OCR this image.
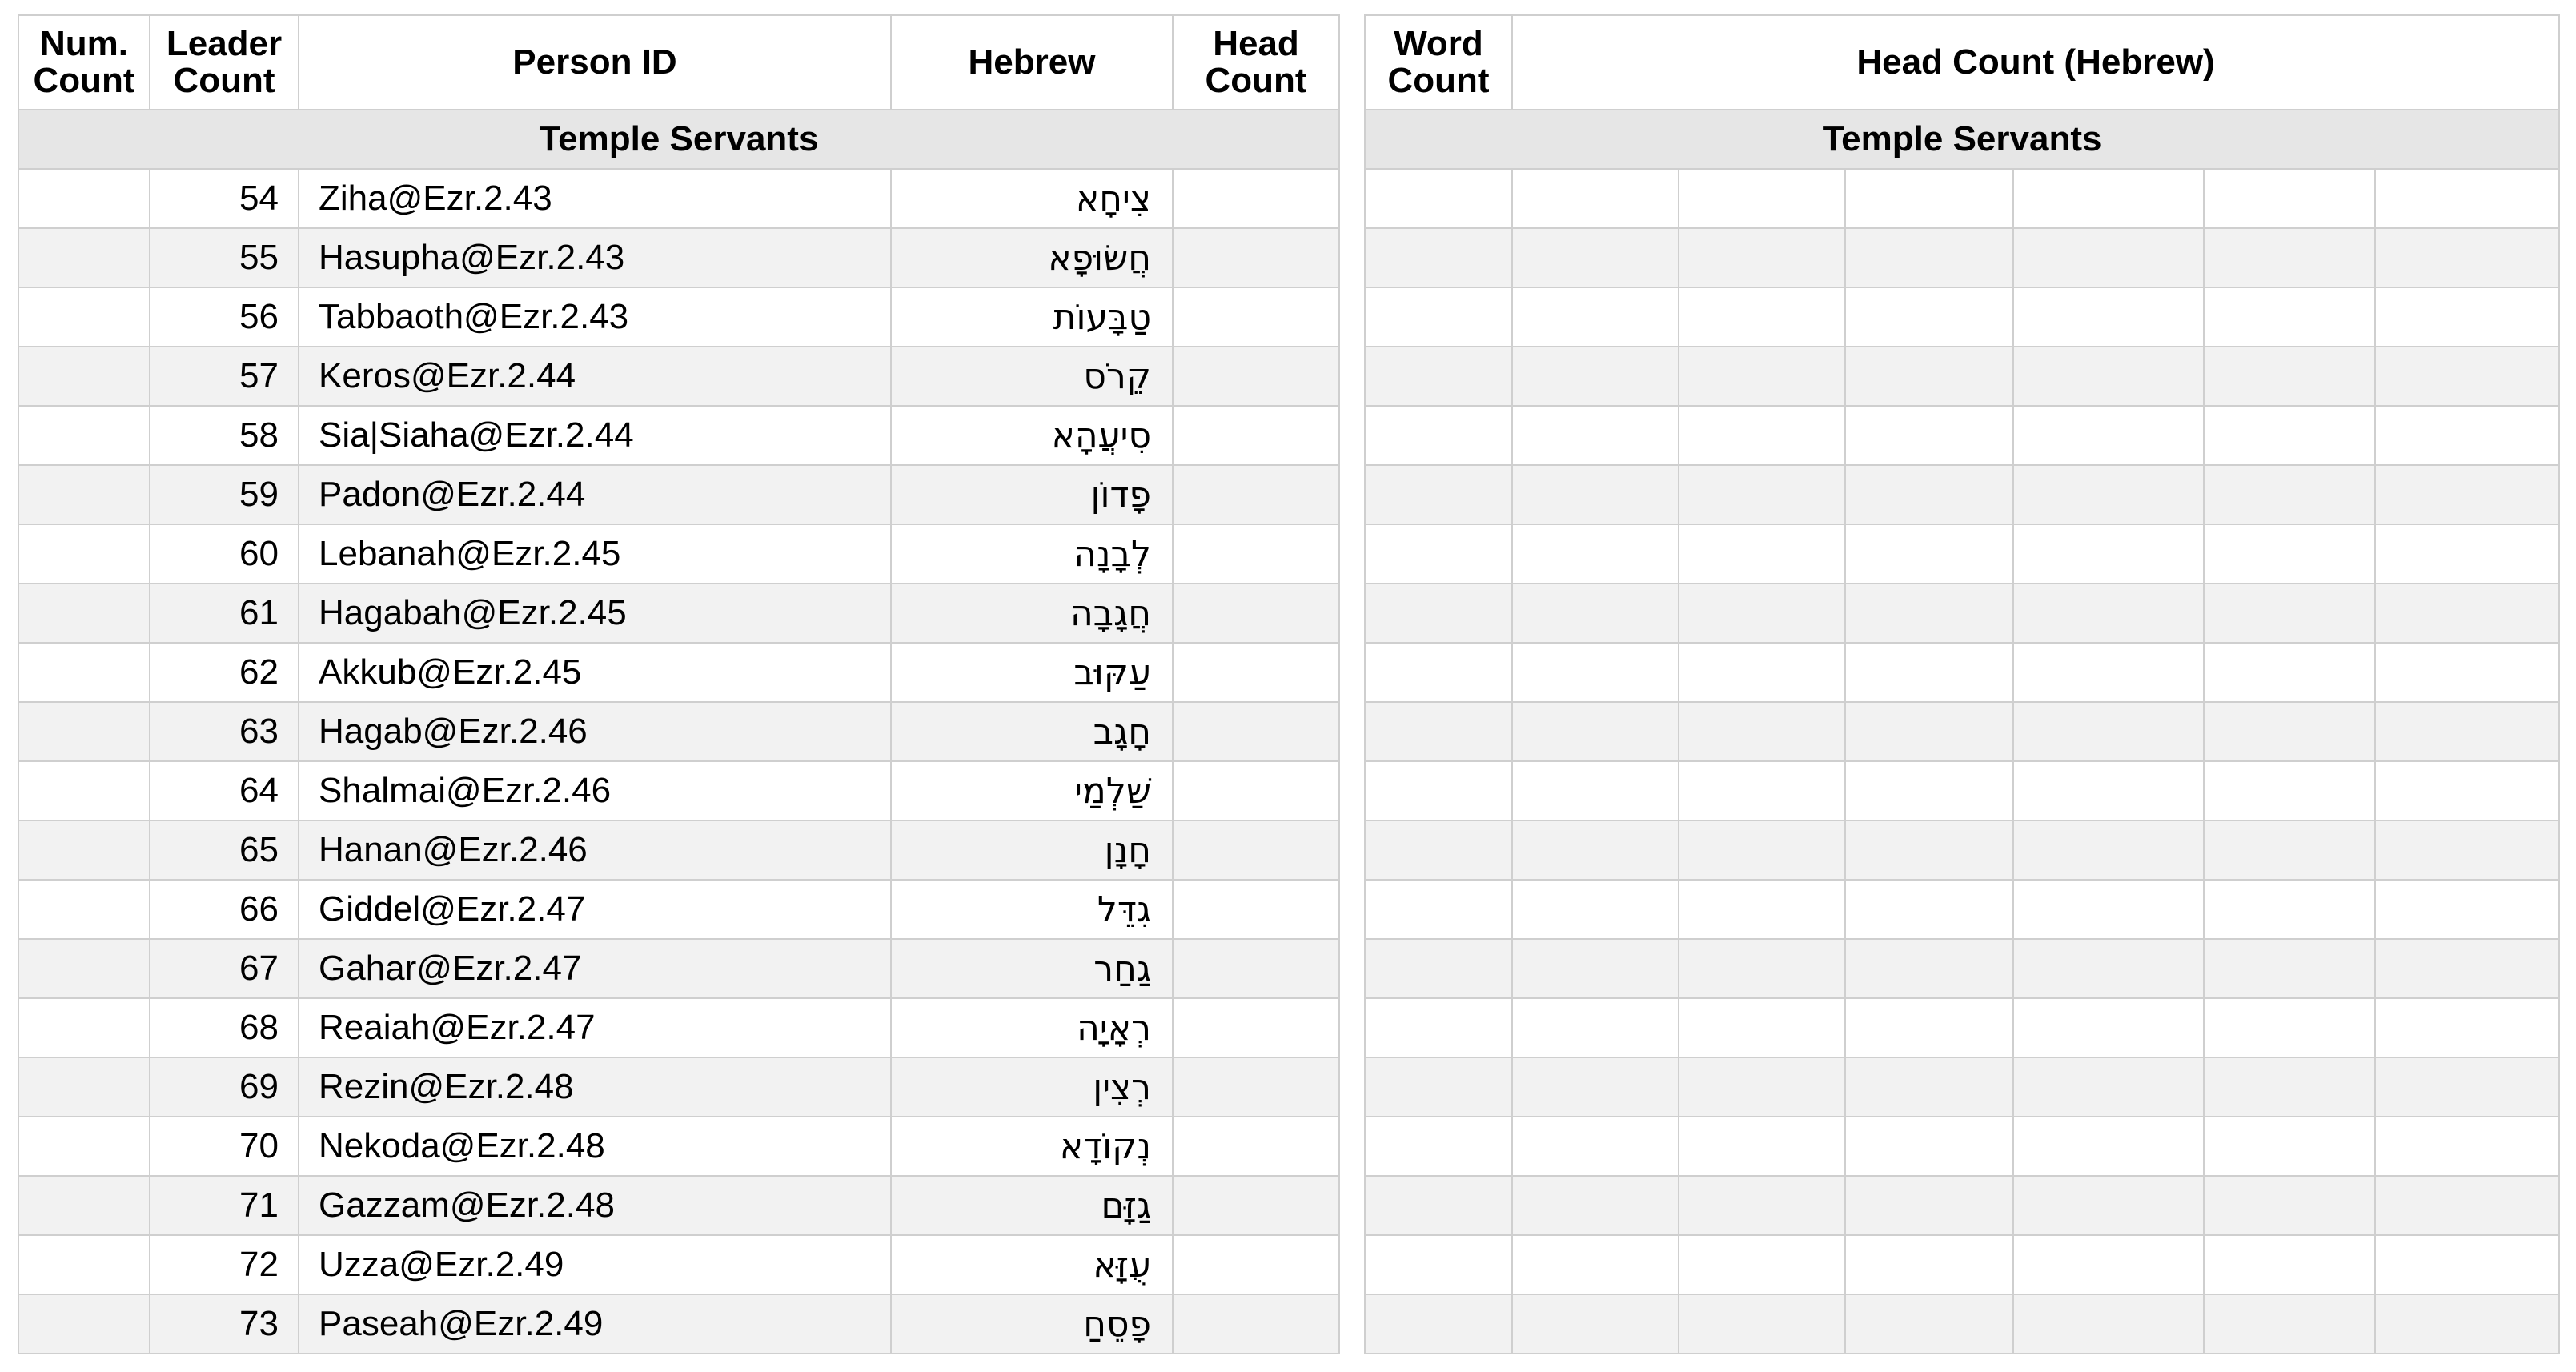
Num. Count	Leader Count	Person ID	Hebrew	Head Count
Temple Servants				
	54	Ziha@Ezr.2.43	צִיחָא	
	55	Hasupha@Ezr.2.43	חֲשׂוּפָא	
	56	Tabbaoth@Ezr.2.43	טַבָּעוֹת	
	57	Keros@Ezr.2.44	קֵרֹס	
	58	Sia|Siaha@Ezr.2.44	סִיעֲהָא	
	59	Padon@Ezr.2.44	פָדוֹן	
	60	Lebanah@Ezr.2.45	לְבָנָה	
	61	Hagabah@Ezr.2.45	חֲגָבָה	
	62	Akkub@Ezr.2.45	עַקּוּב	
	63	Hagab@Ezr.2.46	חָגָב	
	64	Shalmai@Ezr.2.46	שַׁלְמַי	
	65	Hanan@Ezr.2.46	חָנָן	
	66	Giddel@Ezr.2.47	גִדֵּל	
	67	Gahar@Ezr.2.47	גַחַר	
	68	Reaiah@Ezr.2.47	רְאָיָה	
	69	Rezin@Ezr.2.48	רְצִין	
	70	Nekoda@Ezr.2.48	נְקוֹדָא	
	71	Gazzam@Ezr.2.48	גַזָּם	
	72	Uzza@Ezr.2.49	עֻזָּא	
	73	Paseah@Ezr.2.49	פָסֵחַ	
Word Count	Head Count (Hebrew)					
Temple Servants						
